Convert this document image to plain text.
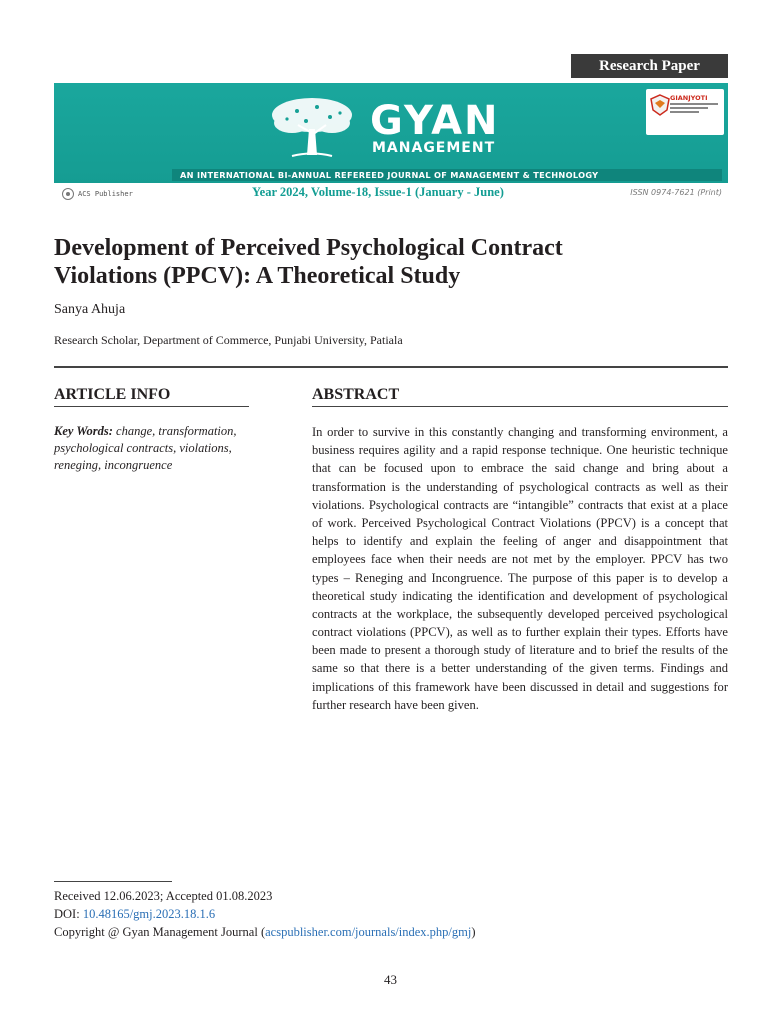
Research Paper
GYAN
MANAGEMENT
GIANJYOTI
AN INTERNATIONAL BI-ANNUAL REFEREED JOURNAL OF MANAGEMENT & TECHNOLOGY
ACS Publisher	Year 2024, Volume-18, Issue-1 (January - June)	ISSN 0974-7621 (Print)
Development of Perceived Psychological Contract
Violations (PPCV): A Theoretical Study
Sanya Ahuja
Research Scholar, Department of Commerce, Punjabi University, Patiala
ARTICLE INFO	ABSTRACT
Key Words: change, transformation, psychological contracts, violations, reneging, incongruence
In order to survive in this constantly changing and transforming environment, a business requires agility and a rapid response technique. One heuristic technique that can be focused upon to embrace the said change and bring about a transformation is the understanding of psychological contracts as well as their violations. Psychological contracts are “intangible” contracts that exist at a place of work. Perceived Psychological Contract Violations (PPCV) is a concept that helps to identify and explain the feeling of anger and disappointment that employees face when their needs are not met by the employer. PPCV has two types – Reneging and Incongruence. The purpose of this paper is to develop a theoretical study indicating the identification and development of psychological contracts at the workplace, the subsequently developed perceived psychological contract violations (PPCV), as well as to further explain their types. Efforts have been made to present a thorough study of literature and to brief the results of the same so that there is a better understanding of the given terms. Findings and implications of this framework have been discussed in detail and suggestions for further research have been given.
Received 12.06.2023; Accepted 01.08.2023
DOI: 10.48165/gmj.2023.18.1.6
Copyright @ Gyan Management Journal (acspublisher.com/journals/index.php/gmj)
43
